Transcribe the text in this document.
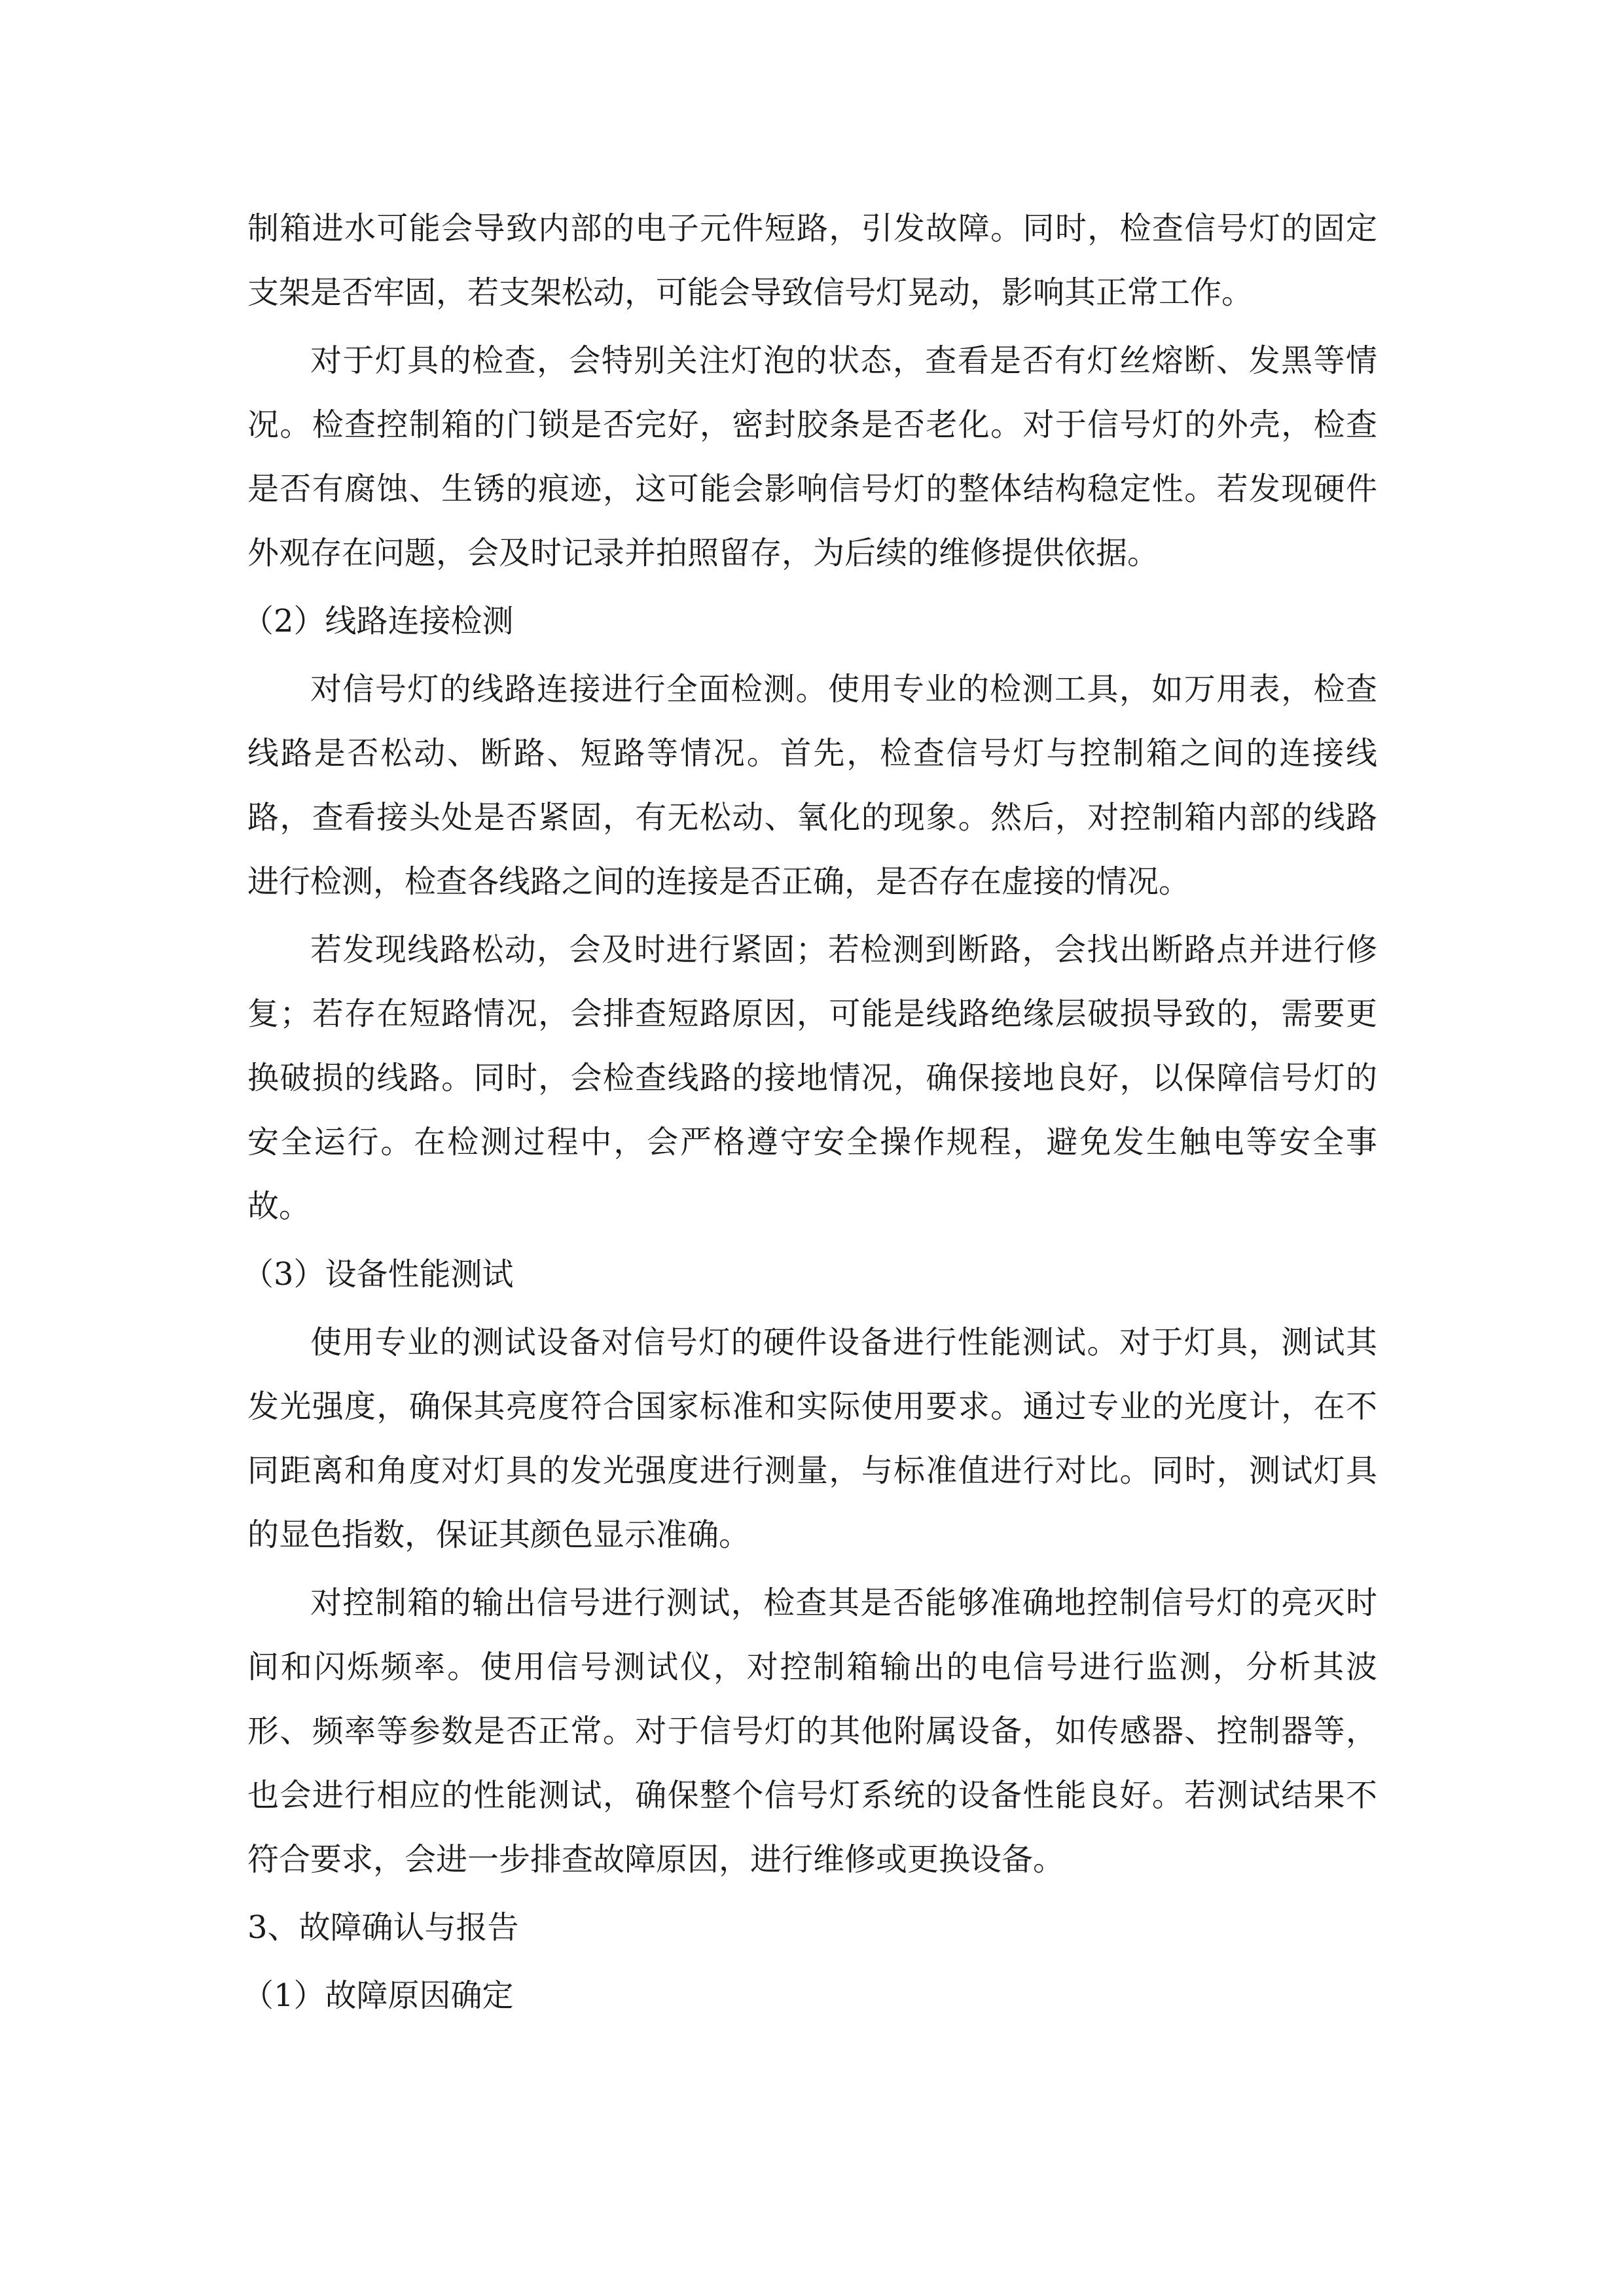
制箱进水可能会导致内部的电子元件短路，引发故障。同时，检查信号灯的固定支架是否牢固，若支架松动，可能会导致信号灯晃动，影响其正常工作。

对于灯具的检查，会特别关注灯泡的状态，查看是否有灯丝熔断、发黑等情况。检查控制箱的门锁是否完好，密封胶条是否老化。对于信号灯的外壳，检查是否有腐蚀、生锈的痕迹，这可能会影响信号灯的整体结构稳定性。若发现硬件外观存在问题，会及时记录并拍照留存，为后续的维修提供依据。

（2）线路连接检测

对信号灯的线路连接进行全面检测。使用专业的检测工具，如万用表，检查线路是否松动、断路、短路等情况。首先，检查信号灯与控制箱之间的连接线路，查看接头处是否紧固，有无松动、氧化的现象。然后，对控制箱内部的线路进行检测，检查各线路之间的连接是否正确，是否存在虚接的情况。

若发现线路松动，会及时进行紧固；若检测到断路，会找出断路点并进行修复；若存在短路情况，会排查短路原因，可能是线路绝缘层破损导致的，需要更换破损的线路。同时，会检查线路的接地情况，确保接地良好，以保障信号灯的安全运行。在检测过程中，会严格遵守安全操作规程，避免发生触电等安全事故。

（3）设备性能测试

使用专业的测试设备对信号灯的硬件设备进行性能测试。对于灯具，测试其发光强度，确保其亮度符合国家标准和实际使用要求。通过专业的光度计，在不同距离和角度对灯具的发光强度进行测量，与标准值进行对比。同时，测试灯具的显色指数，保证其颜色显示准确。

对控制箱的输出信号进行测试，检查其是否能够准确地控制信号灯的亮灭时间和闪烁频率。使用信号测试仪，对控制箱输出的电信号进行监测，分析其波形、频率等参数是否正常。对于信号灯的其他附属设备，如传感器、控制器等，也会进行相应的性能测试，确保整个信号灯系统的设备性能良好。若测试结果不符合要求，会进一步排查故障原因，进行维修或更换设备。

3、故障确认与报告

（1）故障原因确定
